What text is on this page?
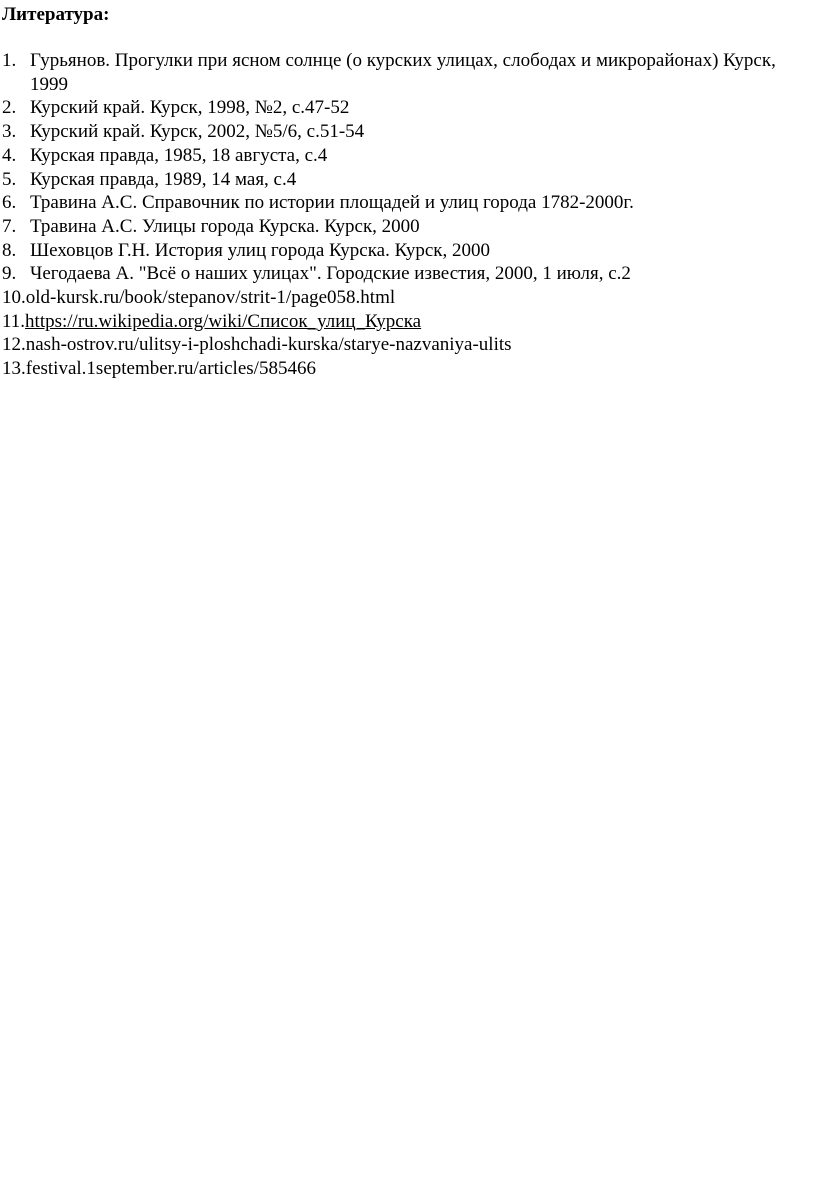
Литература:
1. Гурьянов. Прогулки при ясном солнце (о курских улицах, слободах и микрорайонах) Курск, 1999
2. Курский край. Курск, 1998, №2, с.47-52
3. Курский край. Курск, 2002, №5/6, с.51-54
4. Курская правда, 1985, 18 августа, с.4
5. Курская правда, 1989, 14 мая, с.4
6. Травина А.С. Справочник по истории площадей и улиц города 1782-2000г.
7. Травина А.С. Улицы города Курска. Курск, 2000
8. Шеховцов Г.Н. История улиц города Курска. Курск, 2000
9. Чегодаева А. "Всё о наших улицах". Городские известия, 2000, 1 июля, с.2
10. old-kursk.ru/book/stepanov/strit-1/page058.html
11. https://ru.wikipedia.org/wiki/Список_улиц_Курска
12. nash-ostrov.ru/ulitsy-i-ploshchadi-kurska/starye-nazvaniya-ulits
13. festival.1september.ru/articles/585466
